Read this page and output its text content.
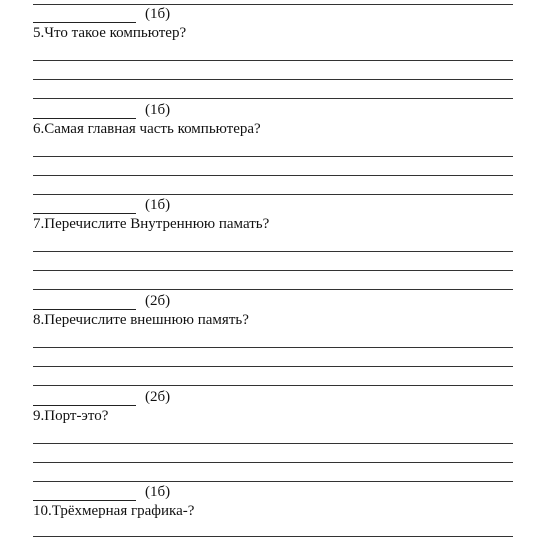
(1б)
5.Что такое компьютер?
(1б)
6.Самая главная часть компьютера?
(1б)
7.Перечислите Внутреннюю памать?
(2б)
8.Перечислите внешнюю память?
(2б)
9.Порт-это?
(1б)
10.Трёхмерная графика-?
